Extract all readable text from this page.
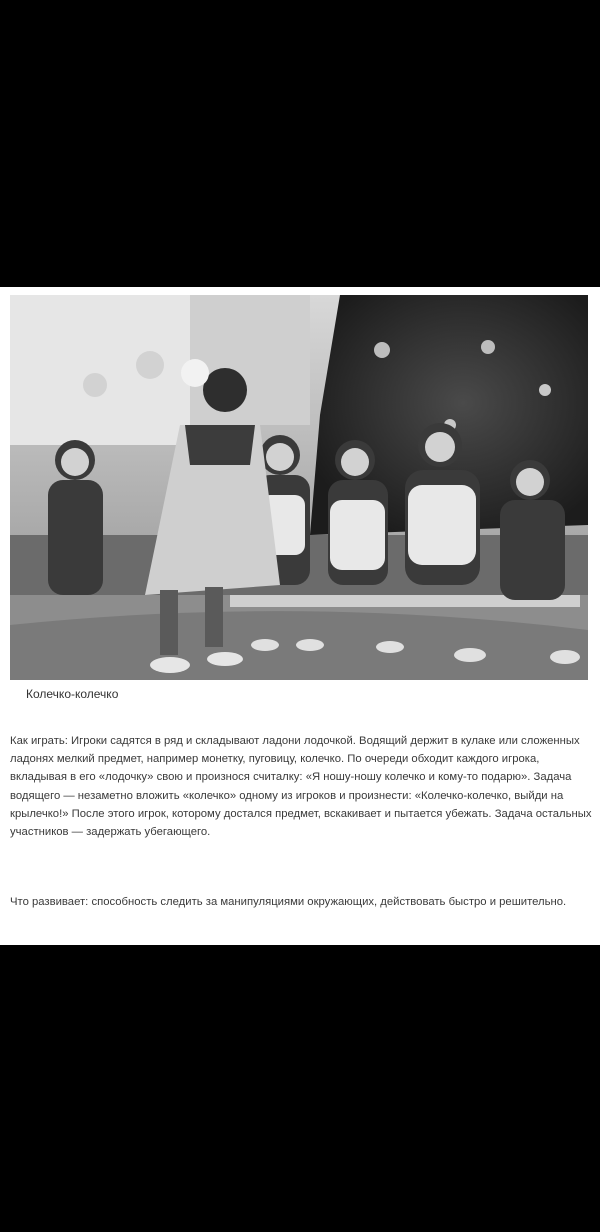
Колечко-колечко

Как играть: Игроки садятся в ряд и складывают ладони лодочкой. Водящий держит в кулаке или сложенных ладонях мелкий предмет, например монетку, пуговицу, колечко. По очереди обходит каждого игрока, вкладывая в его «лодочку» свою и произнося считалку: «Я ношу-ношу колечко и кому-то подарю». Задача водящего — незаметно вложить «колечко» одному из игроков и произнести: «Колечко-колечко, выйди на крылечко!» После этого игрок, которому достался предмет, вскакивает и пытается убежать. Задача остальных участников — задержать убегающего.

Что развивает: способность следить за манипуляциями окружающих, действовать быстро и решительно.
